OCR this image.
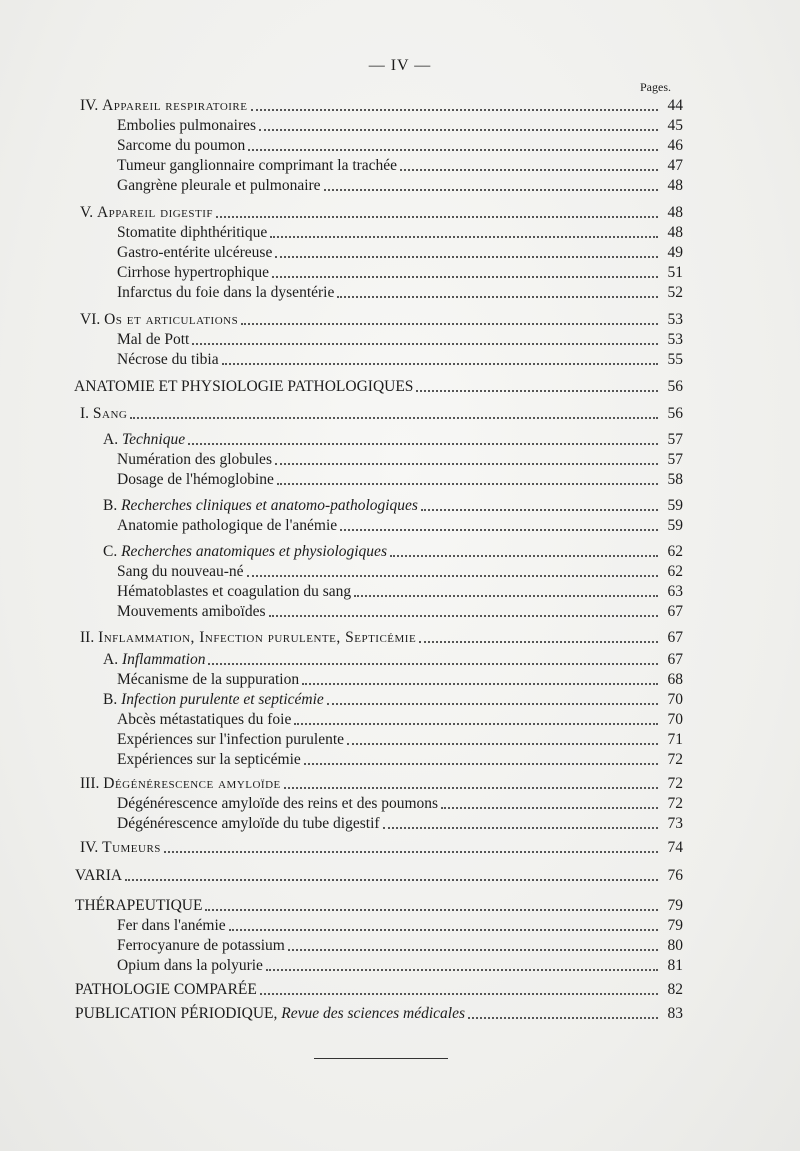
— IV —
Pages.
IV. Appareil respiratoire	44
Embolies pulmonaires	45
Sarcome du poumon	46
Tumeur ganglionnaire comprimant la trachée	47
Gangrène pleurale et pulmonaire	48
V. Appareil digestif	48
Stomatite diphthéritique	48
Gastro-entérite ulcéreuse	49
Cirrhose hypertrophique	51
Infarctus du foie dans la dysentérie	52
VI. Os et articulations	53
Mal de Pott	53
Nécrose du tibia	55
ANATOMIE ET PHYSIOLOGIE PATHOLOGIQUES	56
I. Sang	56
A. Technique	57
Numération des globules	57
Dosage de l'hémoglobine	58
B. Recherches cliniques et anatomo-pathologiques	59
Anatomie pathologique de l'anémie	59
C. Recherches anatomiques et physiologiques	62
Sang du nouveau-né	62
Hématoblastes et coagulation du sang	63
Mouvements amiboïdes	67
II. Inflammation, Infection purulente, Septicémie	67
A. Inflammation	67
Mécanisme de la suppuration	68
B. Infection purulente et septicémie	70
Abcès métastatiques du foie	70
Expériences sur l'infection purulente	71
Expériences sur la septicémie	72
III. Dégénérescence amyloïde	72
Dégénérescence amyloïde des reins et des poumons	72
Dégénérescence amyloïde du tube digestif	73
IV. Tumeurs	74
VARIA	76
THÉRAPEUTIQUE	79
Fer dans l'anémie	79
Ferrocyanure de potassium	80
Opium dans la polyurie	81
PATHOLOGIE COMPARÉE	82
PUBLICATION PÉRIODIQUE, Revue des sciences médicales	83
